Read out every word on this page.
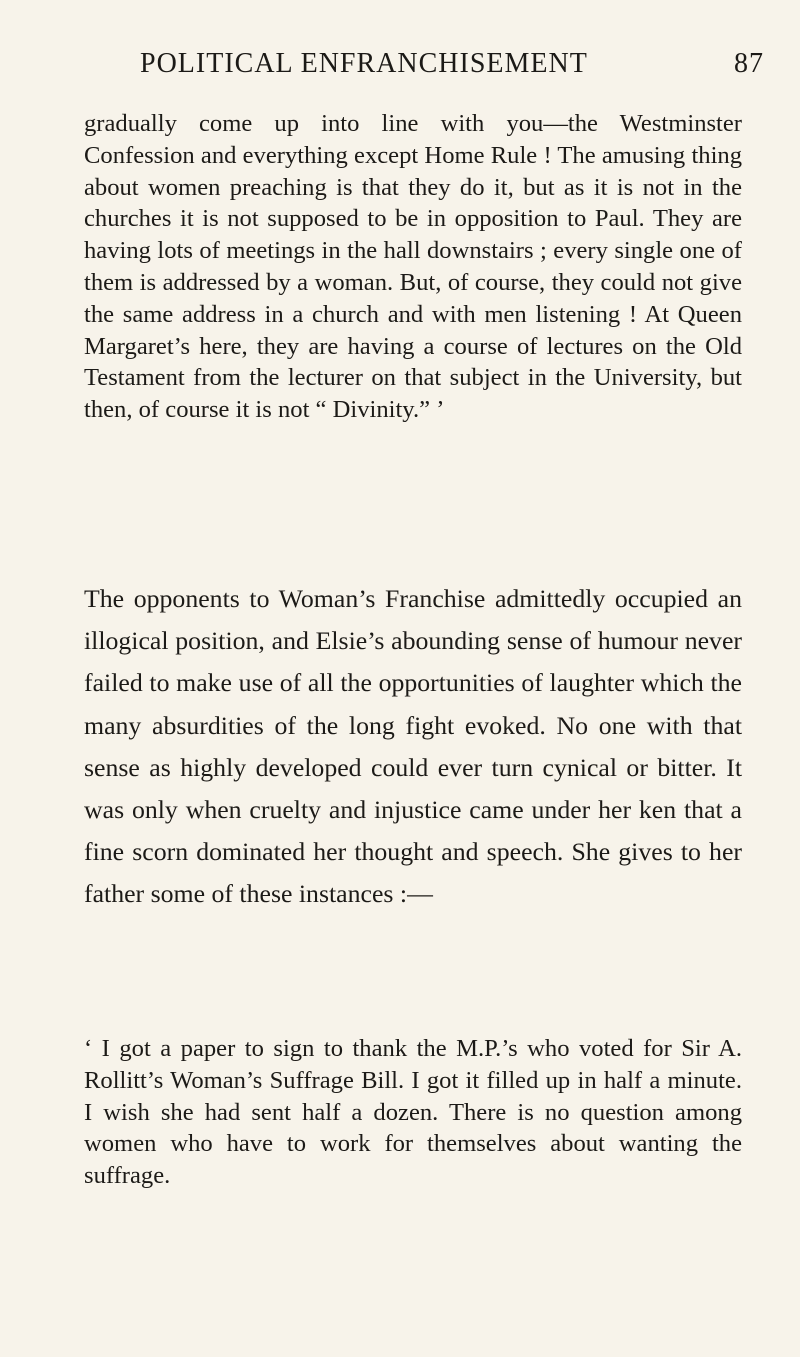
POLITICAL ENFRANCHISEMENT	87

gradually come up into line with you—the Westminster Confession and everything except Home Rule ! The amusing thing about women preaching is that they do it, but as it is not in the churches it is not supposed to be in opposition to Paul. They are having lots of meetings in the hall downstairs ; every single one of them is addressed by a woman. But, of course, they could not give the same address in a church and with men listening ! At Queen Margaret’s here, they are having a course of lectures on the Old Testament from the lecturer on that subject in the University, but then, of course it is not “ Divinity.” ’

The opponents to Woman’s Franchise admittedly occupied an illogical position, and Elsie’s abounding sense of humour never failed to make use of all the opportunities of laughter which the many absurdities of the long fight evoked. No one with that sense as highly developed could ever turn cynical or bitter. It was only when cruelty and injustice came under her ken that a fine scorn dominated her thought and speech. She gives to her father some of these instances :—

‘ I got a paper to sign to thank the M.P.’s who voted for Sir A. Rollitt’s Woman’s Suffrage Bill. I got it filled up in half a minute. I wish she had sent half a dozen. There is no question among women who have to work for themselves about wanting the suffrage.
